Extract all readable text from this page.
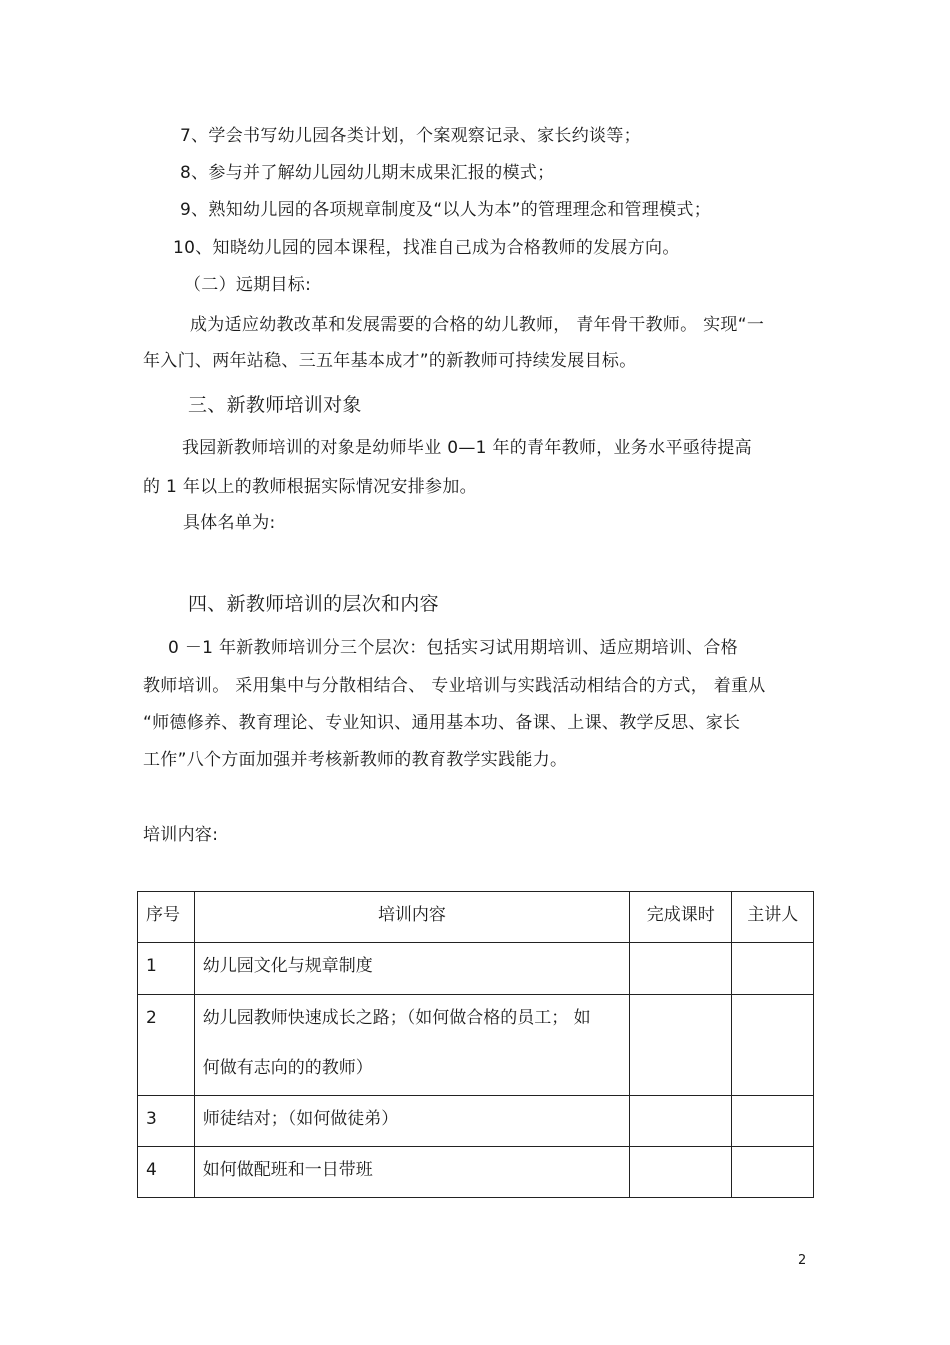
7、学会书写幼儿园各类计划，个案观察记录、家长约谈等；
8、参与并了解幼儿园幼儿期末成果汇报的模式；
9、熟知幼儿园的各项规章制度及“以人为本”的管理理念和管理模式；
10、知晓幼儿园的园本课程，找准自己成为合格教师的发展方向。
（二）远期目标:
成为适应幼教改革和发展需要的合格的幼儿教师， 青年骨干教师。 实现“一
年入门、两年站稳、三五年基本成才”的新教师可持续发展目标。
三、新教师培训对象
我园新教师培训的对象是幼师毕业 0—1 年的青年教师，业务水平亟待提高
的 1 年以上的教师根据实际情况安排参加。
具体名单为:
四、新教师培训的层次和内容
0 －1 年新教师培训分三个层次：包括实习试用期培训、适应期培训、合格
教师培训。 采用集中与分散相结合、 专业培训与实践活动相结合的方式， 着重从
“师德修养、教育理论、专业知识、通用基本功、备课、上课、教学反思、家长
工作”八个方面加强并考核新教师的教育教学实践能力。
培训内容:
序号	培训内容	完成课时	主讲人

1	幼儿园文化与规章制度		

2	幼儿园教师快速成长之路；（如何做合格的员工； 如
何做有志向的的教师）		

3	师徒结对；（如何做徒弟）		

4	如何做配班和一日带班		

2
